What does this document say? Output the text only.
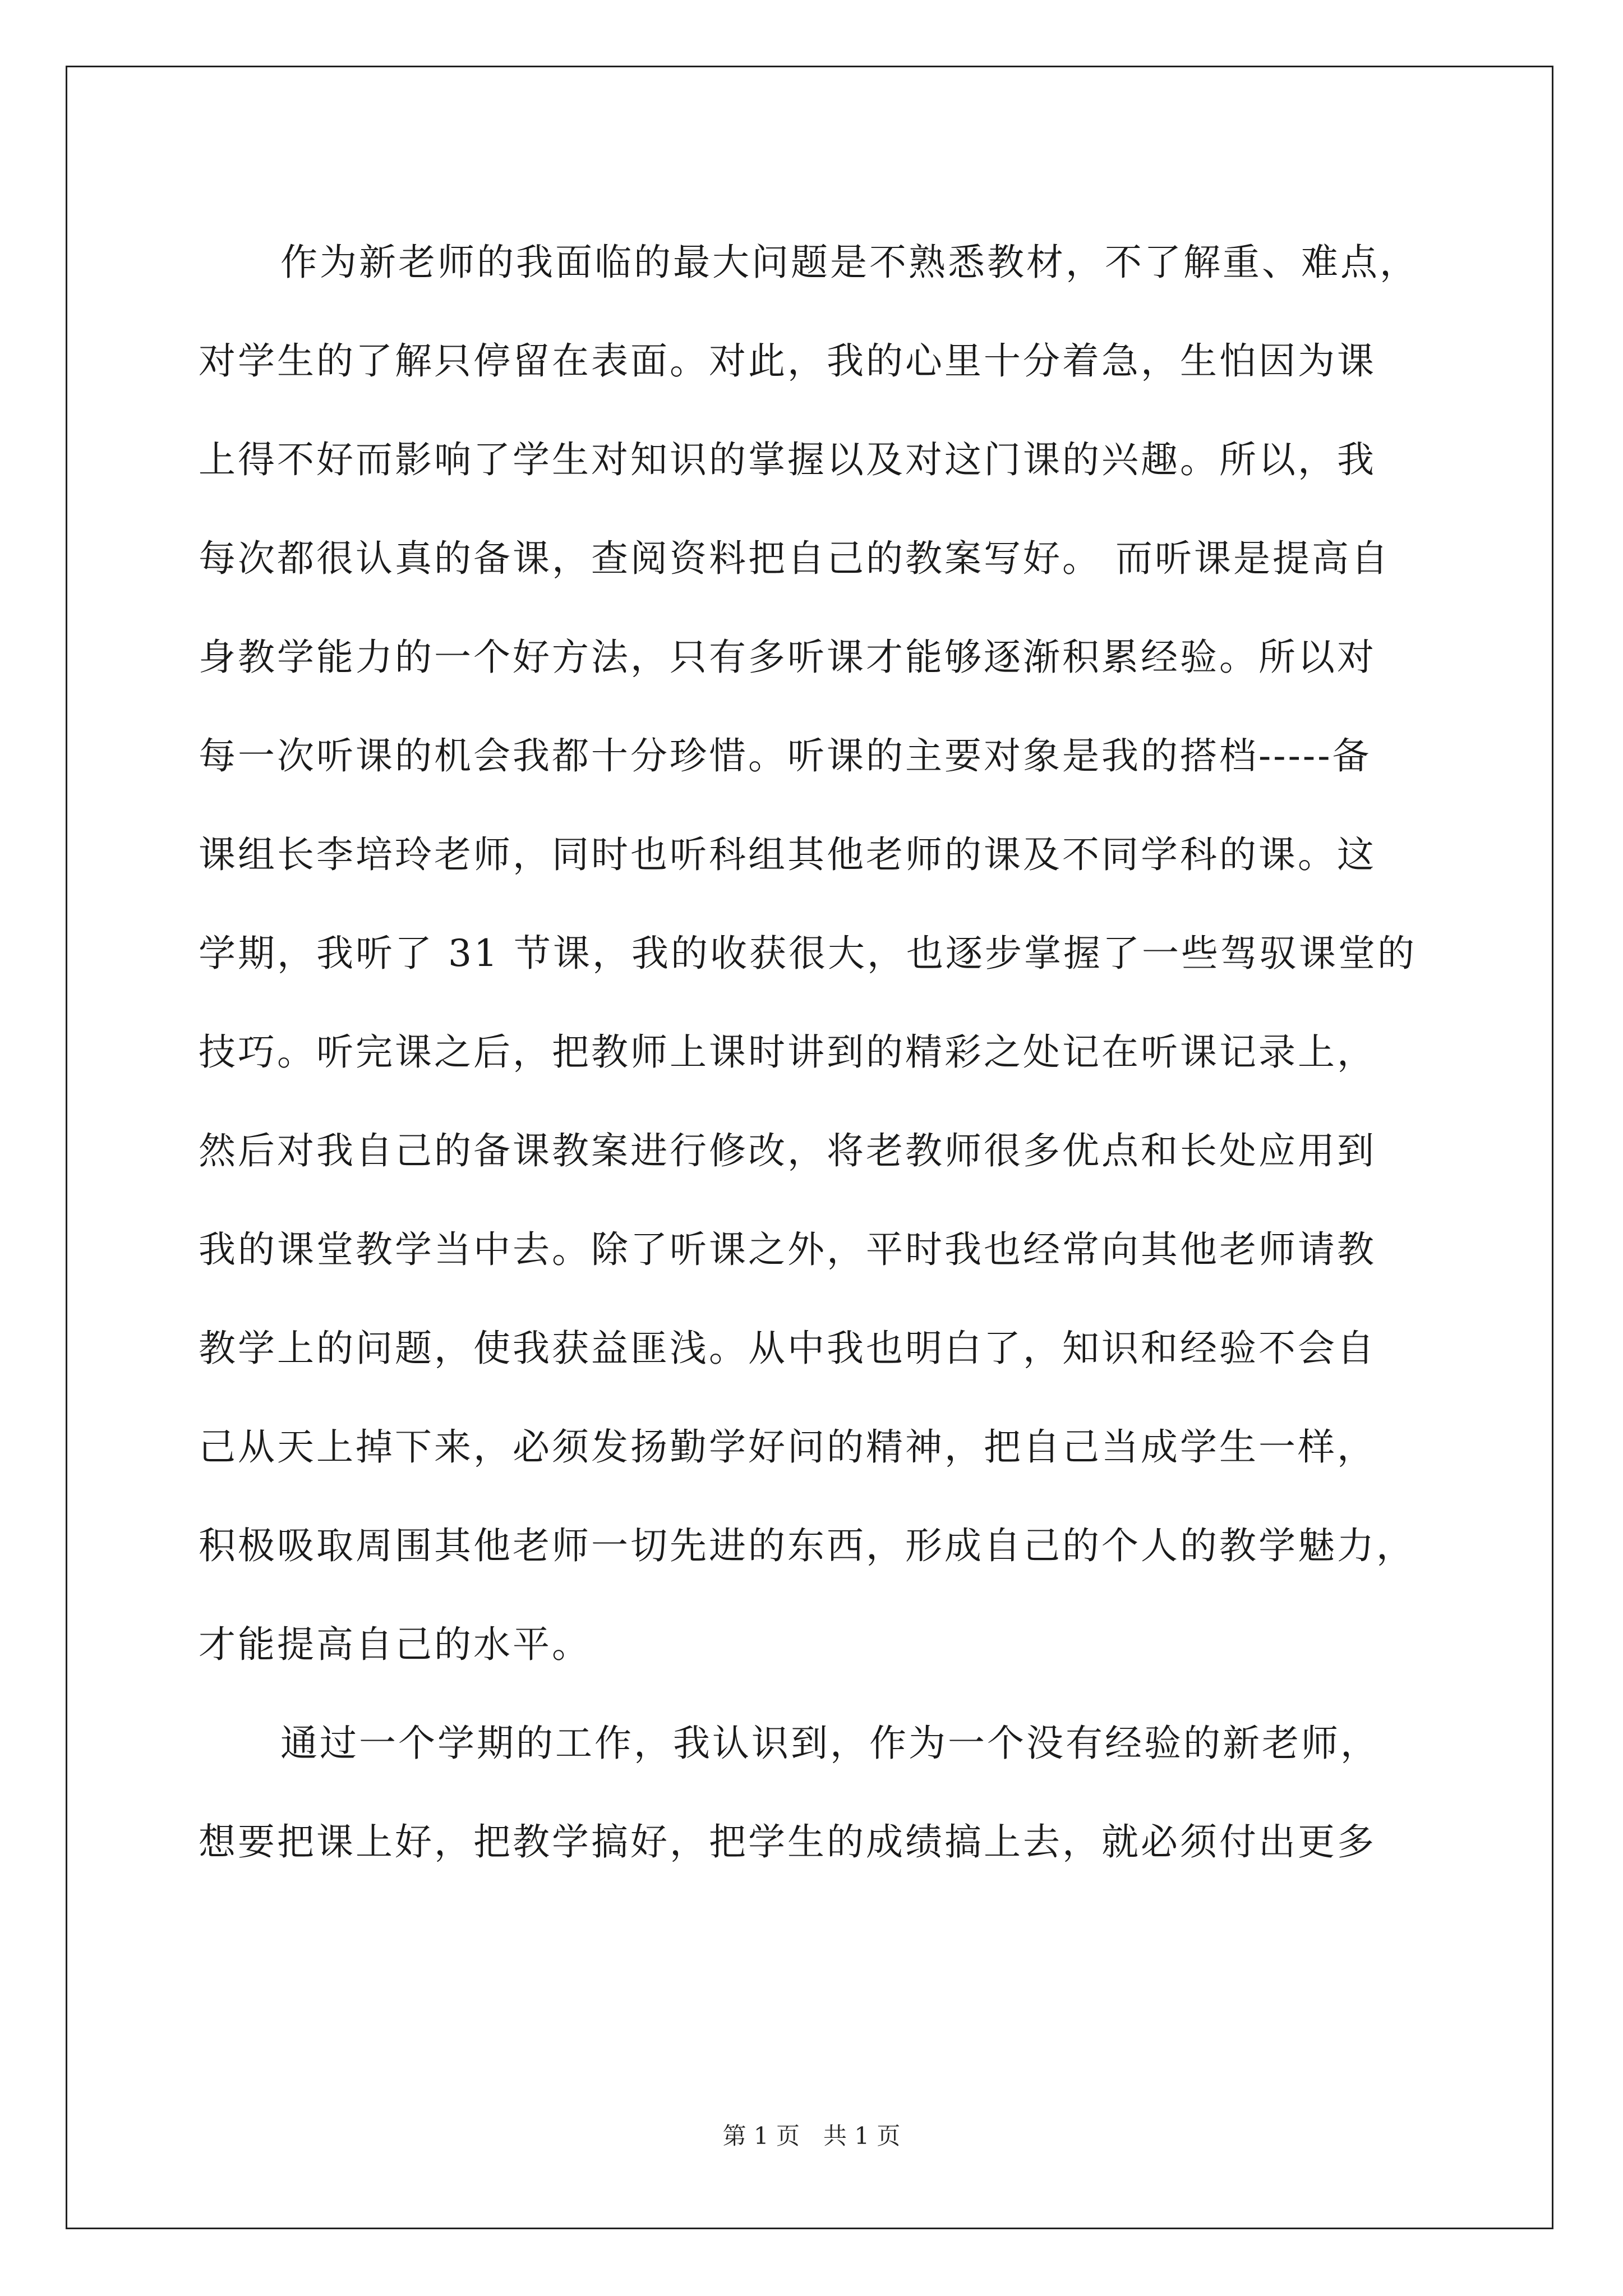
作为新老师的我面临的最大问题是不熟悉教材，不了解重、难点，
对学生的了解只停留在表面。对此，我的心里十分着急，生怕因为课
上得不好而影响了学生对知识的掌握以及对这门课的兴趣。所以，我
每次都很认真的备课，查阅资料把自己的教案写好。 而听课是提高自
身教学能力的一个好方法，只有多听课才能够逐渐积累经验。所以对
每一次听课的机会我都十分珍惜。听课的主要对象是我的搭档-----备
课组长李培玲老师，同时也听科组其他老师的课及不同学科的课。这
学期，我听了 31 节课，我的收获很大，也逐步掌握了一些驾驭课堂的
技巧。听完课之后，把教师上课时讲到的精彩之处记在听课记录上，
然后对我自己的备课教案进行修改，将老教师很多优点和长处应用到
我的课堂教学当中去。除了听课之外，平时我也经常向其他老师请教
教学上的问题，使我获益匪浅。从中我也明白了，知识和经验不会自
己从天上掉下来，必须发扬勤学好问的精神，把自己当成学生一样，
积极吸取周围其他老师一切先进的东西，形成自己的个人的教学魅力，
才能提高自己的水平。
通过一个学期的工作，我认识到，作为一个没有经验的新老师，
想要把课上好，把教学搞好，把学生的成绩搞上去，就必须付出更多
第 1 页　共 1 页
